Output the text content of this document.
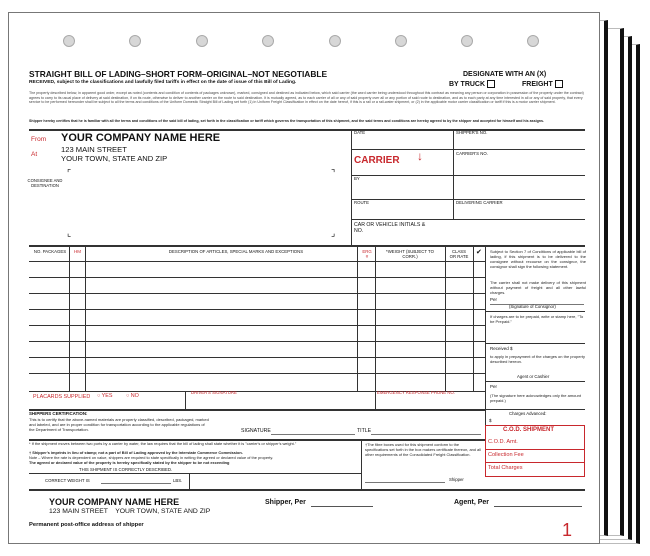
STRAIGHT BILL OF LADING–SHORT FORM–ORIGINAL–NOT NEGOTIABLE
RECEIVED, subject to the classifications and lawfully filed tariffs in effect on the date of issue of this Bill of Lading.
DESIGNATE WITH AN (X)
BY TRUCK	FREIGHT
The property described below, in apparent good order, except as noted (contents and condition of contents of packages unknown), marked, consigned and destined as indicated below, which said carrier (the word carrier being understood throughout this contract as meaning any person or corporation in possession of the property under the contract) agrees to carry to its usual place of delivery at said destination, if on its route, otherwise to deliver to another carrier on the route to said destination. It is mutually agreed, as to each carrier of all or any of said property over all or any portion of said route to destination, and as to each party at any time interested in all or any of said property, that every service to be performed hereunder shall be subject to all the terms and conditions of the Uniform Domestic Straight Bill of Lading set forth (1) in Uniform Freight Classification in effect on the date hereof, if this is a rail or a rail-water shipment, or (2) in the applicable motor carrier classification or tariff if this is a motor carrier shipment.
Shipper hereby certifies that he is familiar with all the terms and conditions of the said bill of lading, set forth in the classification or tariff which governs the transportation of this shipment, and the said terms and conditions are hereby agreed to by the shipper and accepted for himself and his assigns.
From YOUR COMPANY NAME HERE
123 MAIN STREET
At	YOUR TOWN, STATE AND ZIP
DATE	SHIPPER'S NO.
CARRIER ↓	CARRIER'S NO.
BY
ROUTE	DELIVERING CARRIER
CAR OR VEHICLE INITIALS & NO.
CONSIGNEE AND DESTINATION
⌜	⌝
⌞	⌟
NO. PACKAGES HM	DESCRIPTION OF ARTICLES, SPECIAL MARKS AND EXCEPTIONS	ERG #
*WEIGHT (SUBJECT TO CORR.)
CLASS OR RATE
✔
PLACARDS SUPPLIED ○ YES	○ NO
DRIVER'S SIGNATURE	EMERGENCY RESPONSE PHONE NO.
Subject to Section 7 of Conditions of applicable bill of lading, if this shipment is to be delivered to the consignee without recourse on the consignor, the consignor shall sign the following statement.
The carrier shall not make delivery of this shipment without payment of freight and all other lawful charges.
Per
(Signature of Consignor)
If charges are to be prepaid, write or stamp here, "To be Prepaid."
Received $
to apply in prepayment of the charges on the property described hereon.
Agent or Cashier
Per
(The signature here acknowledges only the amount prepaid.)
Charges Advanced:
$
C.O.D. SHIPMENT
C.O.D. Amt.
Collection Fee
Total Charges
SHIPPERS CERTIFICATION:
This is to certify that the above-named materials are properly classified, described, packaged, marked and labeled, and are in proper condition for transportation according to the applicable regulations of the Department of Transportation.	SIGNATURE	TITLE
* If the shipment moves between two ports by a carrier by water, the law requires that the bill of lading shall state whether it is "carrier's or shipper's weight."
† Shipper's imprints in lieu of stamp; not a part of Bill of Lading approved by the Interstate Commerce Commission.
Note – Where the rate is dependent on value, shippers are required to state specifically in writing the agreed or declared value of the property.
The agreed or declared value of the property is hereby specifically stated by the shipper to be not exceeding
†The fibre boxes used for this shipment conform to the specifications set forth in the box makers certificate thereon, and all other requirements of the Consolidated Freight Classification.
THIS SHIPMENT IS CORRECTLY DESCRIBED.
CORRECT WEIGHT IS	LBS.	Shipper
YOUR COMPANY NAME HERE
123 MAIN STREET    YOUR TOWN, STATE AND ZIP
Permanent post-office address of shipper
Shipper, Per	Agent, Per
1
